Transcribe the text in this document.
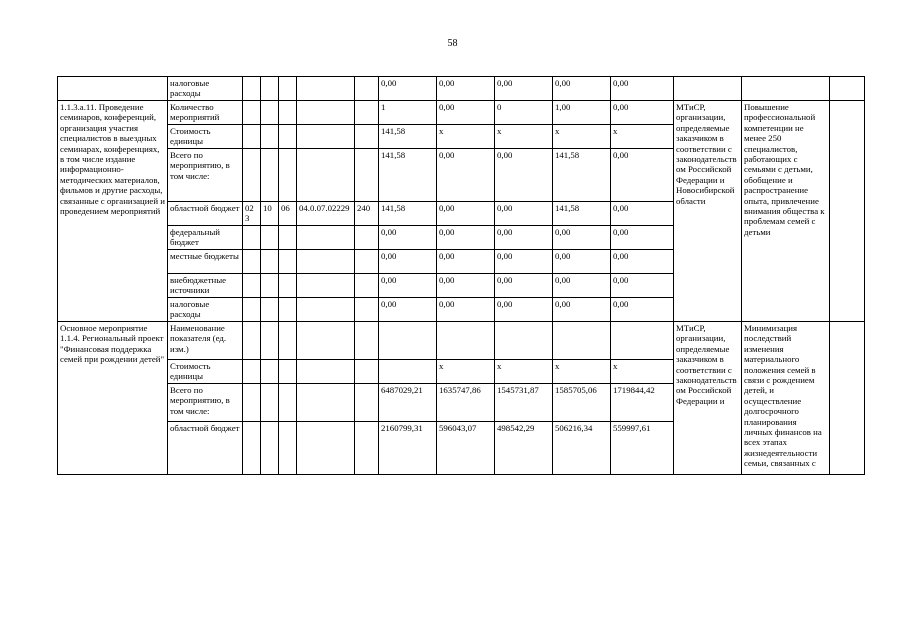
58
	налоговые расходы						0,00	0,00	0,00	0,00	0,00			
1.1.3.а.11. Проведение семинаров, конференций, организация участия специалистов в выездных семинарах, конференциях, в том числе издание информационно-методических материалов, фильмов и другие расходы, связанные с организацией и проведением мероприятий	Количество мероприятий						1	0,00	0	1,00	0,00	МТиСР, организации, определяемые заказчиком в соответствии с законодательством Российской Федерации и Новосибирской области	Повышение профессиональной компетенции не менее 250 специалистов, работающих с семьями с детьми, обобщение и распространение опыта, привлечение внимания общества к проблемам семей с детьми	
	Стоимость единицы						141,58	x	x	x	x			
	Всего по мероприятию, в том числе:						141,58	0,00	0,00	141,58	0,00			
	областной бюджет	023	10	06	04.0.07.02229	240	141,58	0,00	0,00	141,58	0,00			
	федеральный бюджет						0,00	0,00	0,00	0,00	0,00			
	местные бюджеты						0,00	0,00	0,00	0,00	0,00			
	внебюджетные источники						0,00	0,00	0,00	0,00	0,00			
	налоговые расходы						0,00	0,00	0,00	0,00	0,00			
Основное мероприятие 1.1.4. Региональный проект "Финансовая поддержка семей при рождении детей"	Наименование показателя (ед. изм.)											МТиСР, организации, определяемые заказчиком в соответствии с законодательством Российской Федерации и	Минимизация последствий изменения материального положения семей в связи с рождением детей, и осуществление долгосрочного планирования личных финансов на всех этапах жизнедеятельности семьи, связанных с	
	Стоимость единицы							x	x	x	x			
	Всего по мероприятию, в том числе:						6487029,21	1635747,86	1545731,87	1585705,06	1719844,42			
	областной бюджет						2160799,31	596043,07	498542,29	506216,34	559997,61			
